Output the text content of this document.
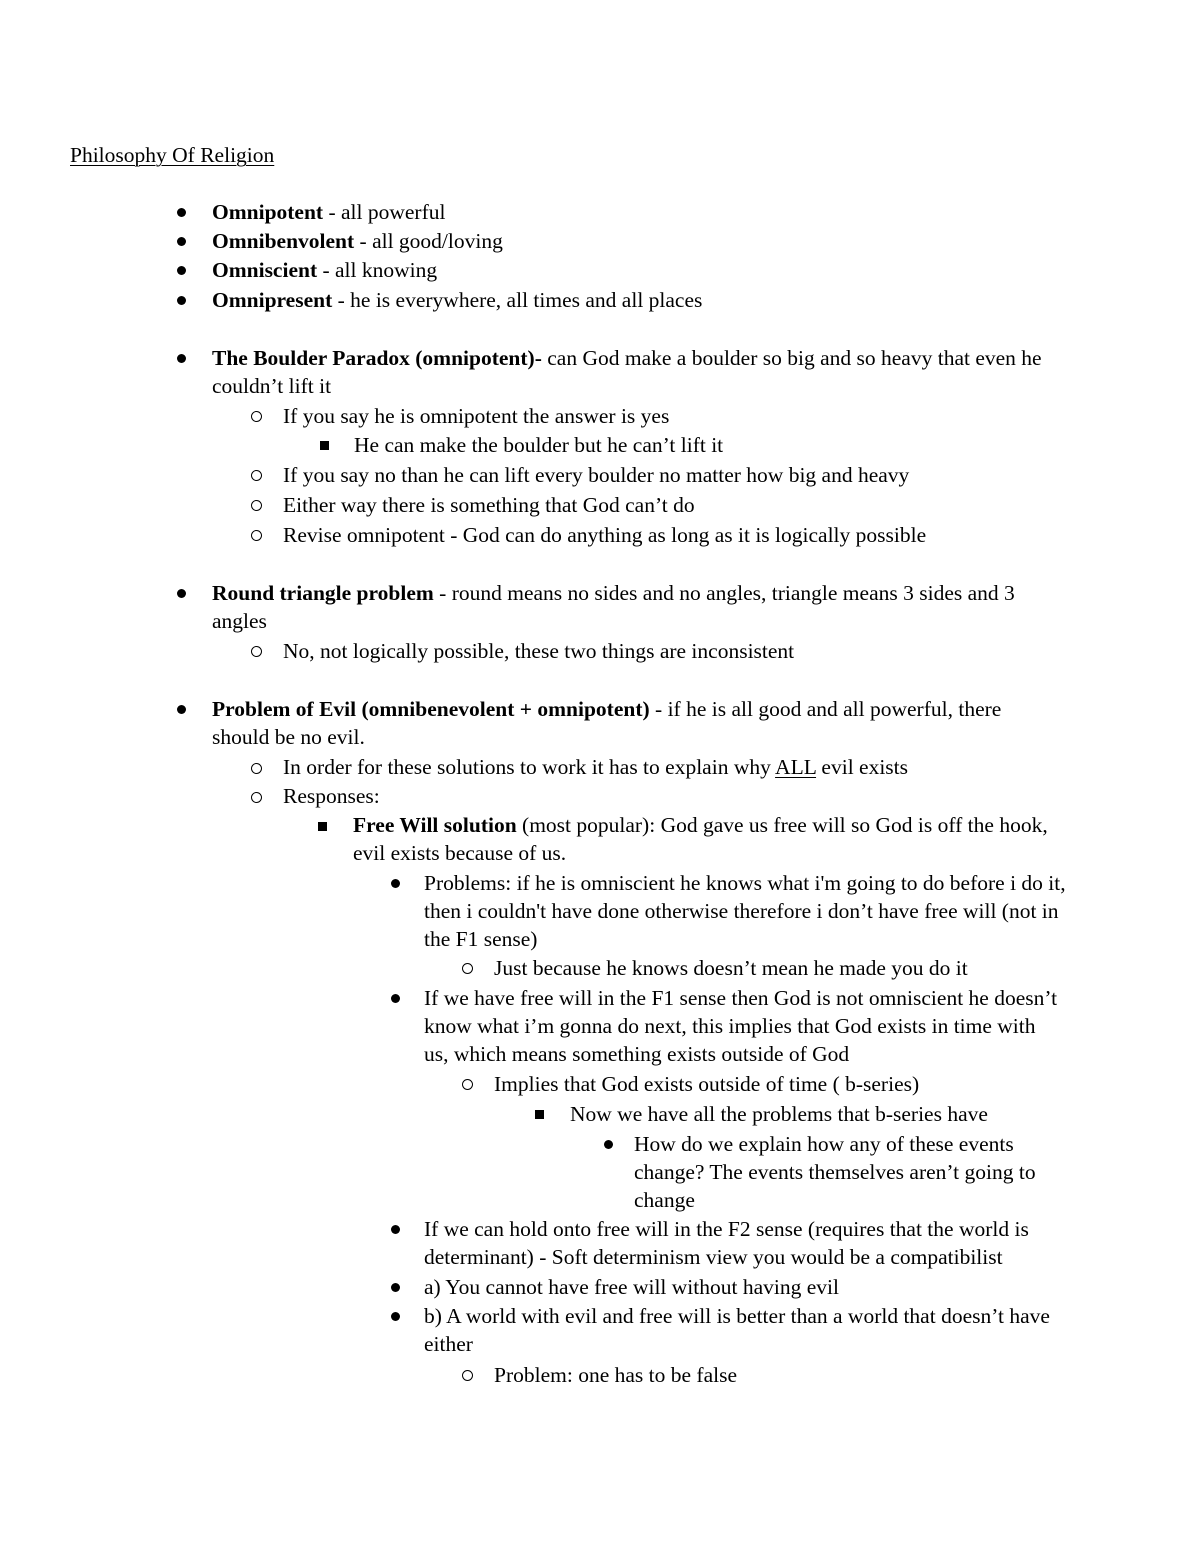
Philosophy Of Religion
Omnipotent - all powerful
Omnibenvolent - all good/loving
Omniscient - all knowing
Omnipresent - he is everywhere, all times and all places
The Boulder Paradox (omnipotent)- can God make a boulder so big and so heavy that even he
couldn’t lift it
If you say he is omnipotent the answer is yes
He can make the boulder but he can’t lift it
If you say no than he can lift every boulder no matter how big and heavy
Either way there is something that God can’t do
Revise omnipotent - God can do anything as long as it is logically possible
Round triangle problem - round means no sides and no angles, triangle means 3 sides and 3
angles
No, not logically possible, these two things are inconsistent
Problem of Evil (omnibenevolent + omnipotent) - if he is all good and all powerful, there
should be no evil.
In order for these solutions to work it has to explain why ALL evil exists
Responses:
Free Will solution (most popular): God gave us free will so God is off the hook,
evil exists because of us.
Problems: if he is omniscient he knows what i'm going to do before i do it,
then i couldn't have done otherwise therefore i don’t have free will (not in
the F1 sense)
Just because he knows doesn’t mean he made you do it
If we have free will in the F1 sense then God is not omniscient he doesn’t
know what i’m gonna do next, this implies that God exists in time with
us, which means something exists outside of God
Implies that God exists outside of time ( b-series)
Now we have all the problems that b-series have
How do we explain how any of these events
change? The events themselves aren’t going to
change
If we can hold onto free will in the F2 sense (requires that the world is
determinant) - Soft determinism view you would be a compatibilist
a) You cannot have free will without having evil
b) A world with evil and free will is better than a world that doesn’t have
either
Problem: one has to be false
